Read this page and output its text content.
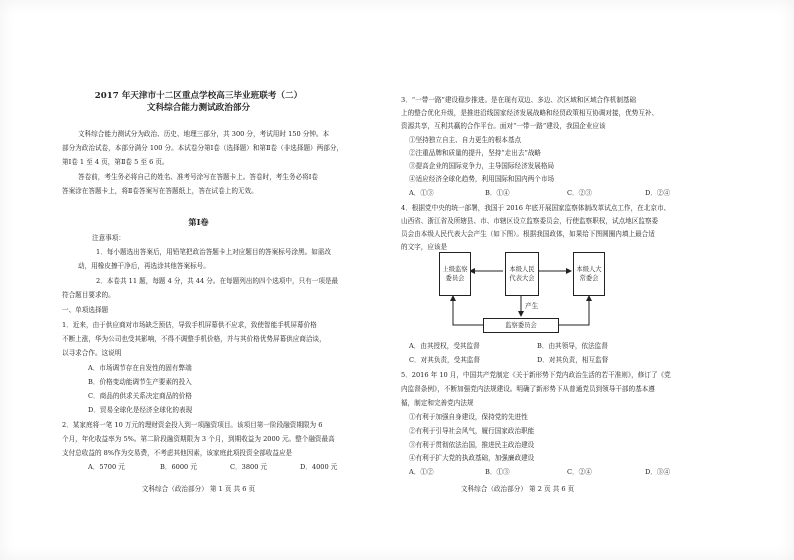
2017 年天津市十二区重点学校高三毕业班联考（二）
文科综合能力测试政治部分
文科综合能力测试分为政治、历史、地理三部分，共 300 分，考试用时 150 分钟。本
部分为政治试卷，本部分满分 100 分。本试卷分第Ⅰ卷（选择题）和第Ⅱ卷（非选择题）两部分，
第Ⅰ卷 1 至 4 页，第Ⅱ卷 5 至 6 页。
答卷前，考生务必将自己的姓名、准考号涂写在答题卡上。答卷时，考生务必将Ⅰ卷
答案涂在答题卡上，将Ⅱ卷答案写在答题纸上，答在试卷上的无效。
第Ⅰ卷
注意事项：
1．每小题选出答案后，用铅笔把政治答题卡上对应题目的答案标号涂黑。如需改
动，用橡皮擦干净后，再选涂其他答案标号。
2．本卷共 11 题，每题 4 分，共 44 分。在每题列出的四个选项中，只有一项是最
符合题目要求的。
一、单项选择题
1．近来，由于供应商对市场缺乏预估，导致手机屏幕供不应求，致使智能手机屏幕价格
不断上涨，华为公司也受其影响，不得不调整手机价格，并与其价格优势屏幕供应商洽谈，
以寻求合作。这说明
A．市场调节存在自发性的固有弊端
B．价格变动能调节生产要素的投入
C．商品的供求关系决定商品的价格
D．贸易全球化是经济全球化的表现
2．某家庭将一笔 10 万元的理财资金投入到一项融资项目。该项目第一阶段融资期限为 6
个月，年化收益率为 5%。第二阶段融资期限为 3 个月，到期收益为 2000 元。整个融资最高
支付总收益的 8%作为交易费，不考虑其他因素，该家庭此项投资全部收益应是
A．5700 元	B．6000 元	C．3800 元	D．4000 元
文科综合（政治部分） 第 1 页 共 6 页
3．“一带一路”建设稳步推进。是在现有双边、多边、次区域和区域合作机制基础
上的整合优化升级，是推进沿线国家经济发展战略和经贸政策相互协调对接，优势互补、
资源共享，互利共赢的合作平台。面对“一带一路”建设，我国企业应该
①坚持独立自主、自力更生的根本基点
②注重品牌和质量的提升，坚持“走出去”战略
③提高企业的国际竞争力，主导国际经济发展格局
④适应经济全球化趋势，利用国际和国内两个市场
A．①③	B．①④	C．②③	D．②④
4．根据党中央的统一部署，我国于 2016 年底开展国家监察体制改革试点工作，在北京市、
山西省、浙江省及所辖县、市、市辖区设立监察委员会，行使监察职权，试点地区监察委
员会由本级人民代表大会产生（如下图）。根据我国政体，如果给下图圆圈内填上最合适
的文字，应该是
上级监察委员会
本级人民代表大会
本级人大常委会
产生
监察委员会
A．由其授权，受其监督	B．由其领导，依法监督
C．对其负责，受其监督	D．对其负责，相互监督
5．2016 年 10 月，中国共产党制定《关于新形势下党内政治生活的若干准则》，修订了《党
内监督条例》，不断加强党内法规建设。明确了新形势下从普通党员到领导干部的基本遵
循，制定和完善党内法规
①有利于加强自身建设，保持党的先进性
②有利于引导社会风气，履行国家政治职能
③有利于贯彻依法治国，推进民主政治建设
④有利于扩大党的执政基础，加强廉政建设
A．①②	B．①③	C．②④	D．③④
文科综合（政治部分） 第 2 页 共 6 页
